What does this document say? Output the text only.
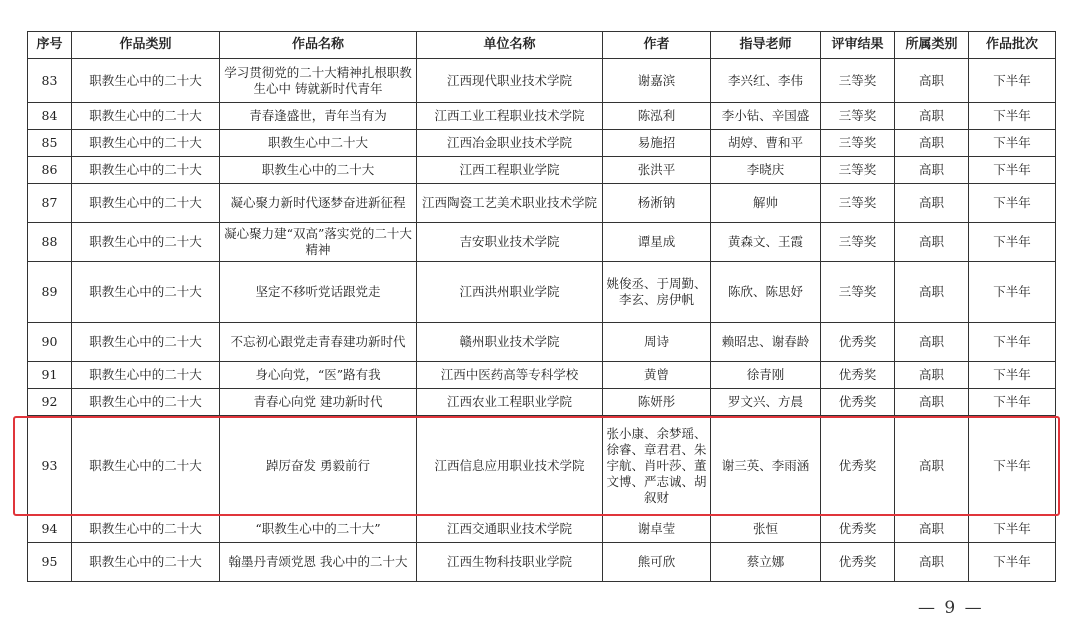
序号	作品类别	作品名称	单位名称	作者	指导老师	评审结果	所属类别	作品批次
83	职教生心中的二十大	学习贯彻党的二十大精神扎根职教生心中 铸就新时代青年	江西现代职业技术学院	谢嘉滨	李兴红、李伟	三等奖	高职	下半年
84	职教生心中的二十大	青春逢盛世，青年当有为	江西工业工程职业技术学院	陈泓利	李小钻、辛国盛	三等奖	高职	下半年
85	职教生心中的二十大	职教生心中二十大	江西冶金职业技术学院	易施招	胡婷、曹和平	三等奖	高职	下半年
86	职教生心中的二十大	职教生心中的二十大	江西工程职业学院	张洪平	李晓庆	三等奖	高职	下半年
87	职教生心中的二十大	凝心聚力新时代逐梦奋进新征程	江西陶瓷工艺美术职业技术学院	杨淅钠	解帅	三等奖	高职	下半年
88	职教生心中的二十大	凝心聚力建“双高”落实党的二十大精神	吉安职业技术学院	谭星成	黄森文、王霞	三等奖	高职	下半年
89	职教生心中的二十大	坚定不移听党话跟党走	江西洪州职业学院	姚俊丞、于周勤、李玄、房伊帆	陈欣、陈思妤	三等奖	高职	下半年
90	职教生心中的二十大	不忘初心跟党走青春建功新时代	赣州职业技术学院	周诗	赖昭忠、谢春龄	优秀奖	高职	下半年
91	职教生心中的二十大	身心向党，“医”路有我	江西中医药高等专科学校	黄曾	徐青刚	优秀奖	高职	下半年
92	职教生心中的二十大	青春心向党 建功新时代	江西农业工程职业学院	陈妍彤	罗文兴、方晨	优秀奖	高职	下半年
93	职教生心中的二十大	踔厉奋发 勇毅前行	江西信息应用职业技术学院	张小康、余梦瑶、徐睿、章君君、朱宇航、肖叶莎、董文博、严志诚、胡叙财	谢三英、李雨涵	优秀奖	高职	下半年
94	职教生心中的二十大	“职教生心中的二十大”	江西交通职业技术学院	谢卓莹	张恒	优秀奖	高职	下半年
95	职教生心中的二十大	翰墨丹青颂党恩 我心中的二十大	江西生物科技职业学院	熊可欣	蔡立娜	优秀奖	高职	下半年
— 9 —
